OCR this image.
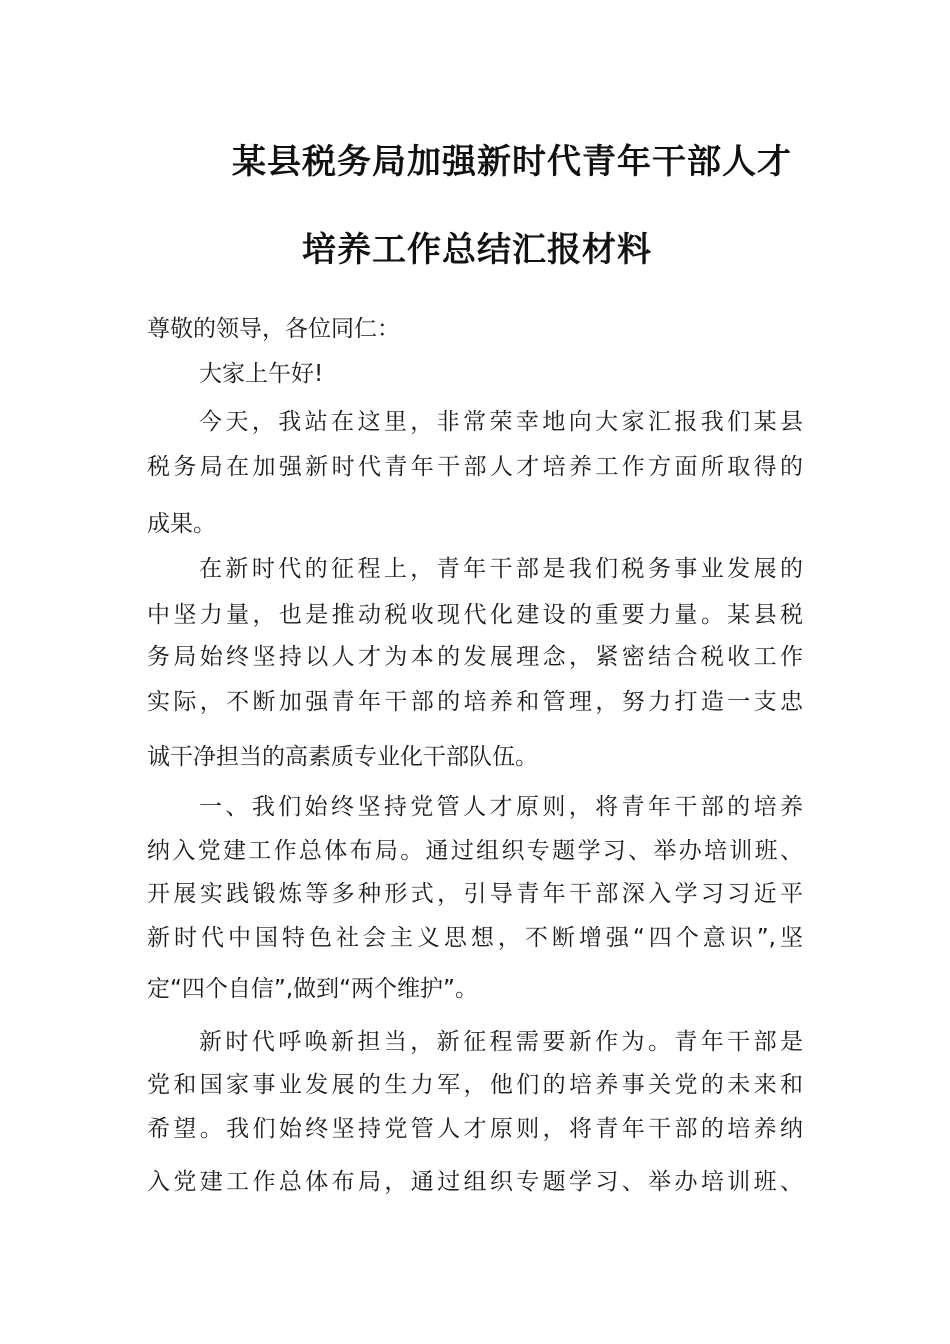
某县税务局加强新时代青年干部人才
培养工作总结汇报材料
尊敬的领导，各位同仁：
大家上午好!
今天，我站在这里，非常荣幸地向大家汇报我们某县
税务局在加强新时代青年干部人才培养工作方面所取得的
成果。
在新时代的征程上，青年干部是我们税务事业发展的
中坚力量，也是推动税收现代化建设的重要力量。某县税
务局始终坚持以人才为本的发展理念，紧密结合税收工作
实际，不断加强青年干部的培养和管理，努力打造一支忠
诚干净担当的高素质专业化干部队伍。
一、我们始终坚持党管人才原则，将青年干部的培养
纳入党建工作总体布局。通过组织专题学习、举办培训班、
开展实践锻炼等多种形式，引导青年干部深入学习习近平
新时代中国特色社会主义思想，不断增强“四个意识”,坚
定“四个自信”,做到“两个维护”。
新时代呼唤新担当，新征程需要新作为。青年干部是
党和国家事业发展的生力军，他们的培养事关党的未来和
希望。我们始终坚持党管人才原则，将青年干部的培养纳
入党建工作总体布局，通过组织专题学习、举办培训班、
